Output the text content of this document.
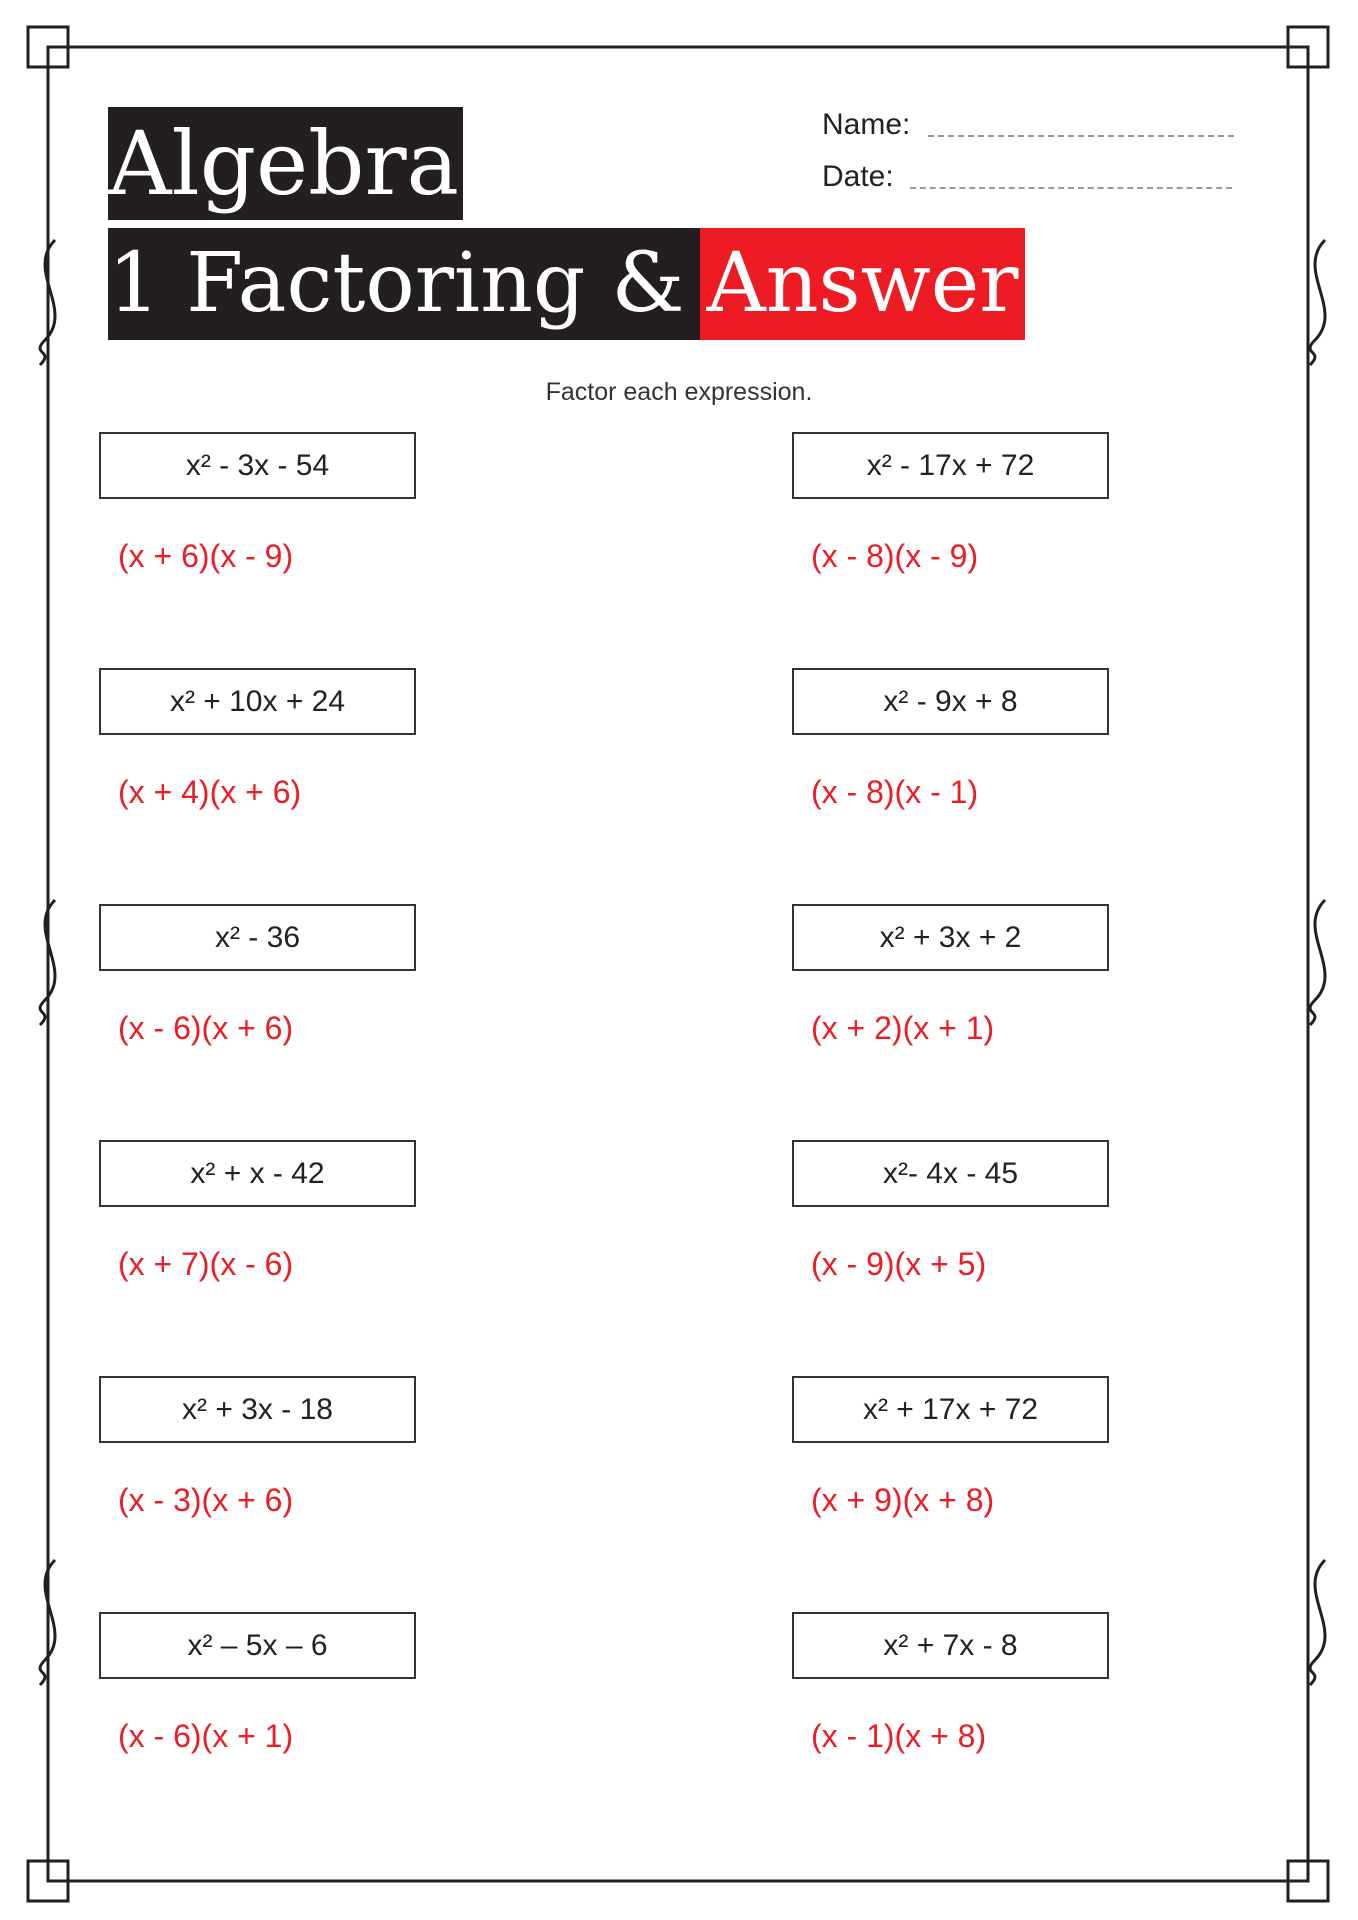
Algebra
1 Factoring & Answer
Name:
Date:
Factor each expression.
x² - 3x - 54
(x + 6)(x - 9)
x² + 10x + 24
(x + 4)(x + 6)
x² - 36
(x - 6)(x + 6)
x² + x - 42
(x + 7)(x - 6)
x² + 3x - 18
(x - 3)(x + 6)
x² – 5x – 6
(x - 6)(x + 1)
x² - 17x + 72
(x - 8)(x - 9)
x² - 9x + 8
(x - 8)(x - 1)
x² + 3x + 2
(x + 2)(x + 1)
x²- 4x - 45
(x - 9)(x + 5)
x² + 17x + 72
(x + 9)(x + 8)
x² + 7x - 8
(x - 1)(x + 8)
